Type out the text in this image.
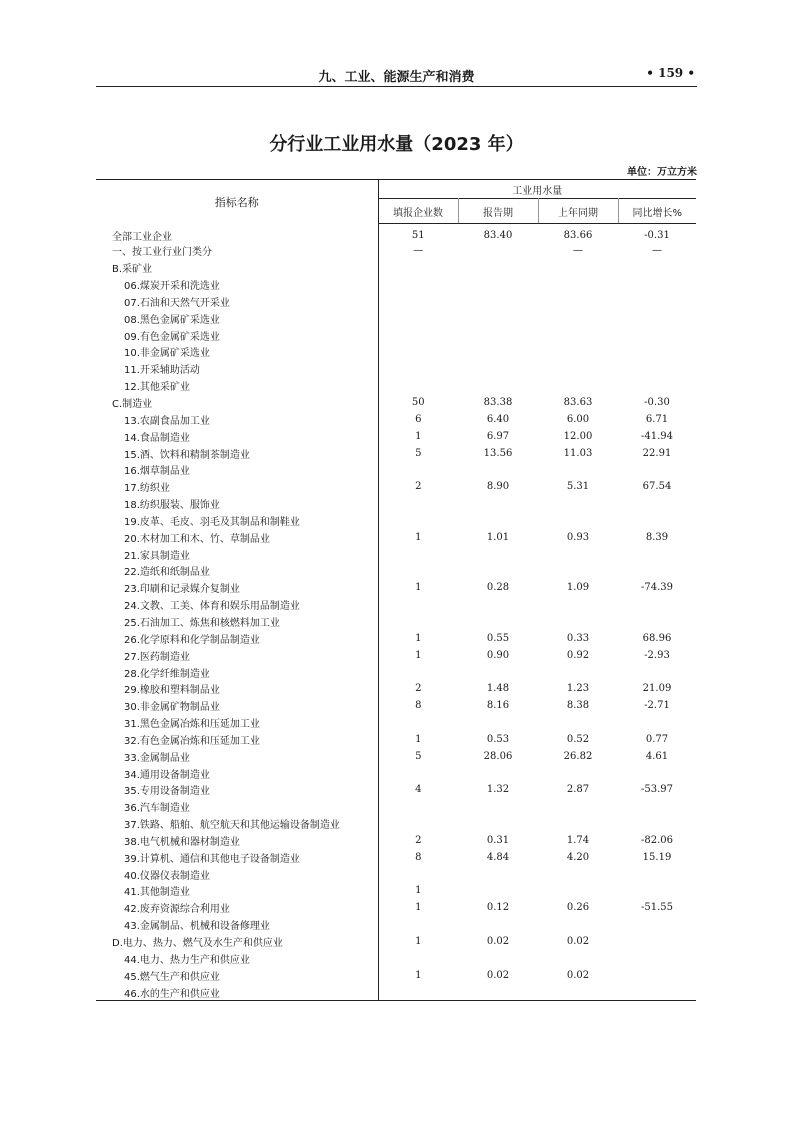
九、工业、能源生产和消费	• 159 •
分行业工业用水量（2023 年）
单位：万立方米
指标名称	工业用水量			
	填报企业数	报告期	上年同期	同比增长%
全部工业企业	51	83.40	83.66	-0.31
一、按工业行业门类分	—		—	—
B.采矿业				
06.煤炭开采和洗选业				
07.石油和天然气开采业				
08.黑色金属矿采选业				
09.有色金属矿采选业				
10.非金属矿采选业				
11.开采辅助活动				
12.其他采矿业				
C.制造业	50	83.38	83.63	-0.30
13.农副食品加工业	6	6.40	6.00	6.71
14.食品制造业	1	6.97	12.00	-41.94
15.酒、饮料和精制茶制造业	5	13.56	11.03	22.91
16.烟草制品业				
17.纺织业	2	8.90	5.31	67.54
18.纺织服装、服饰业				
19.皮革、毛皮、羽毛及其制品和制鞋业				
20.木材加工和木、竹、草制品业	1	1.01	0.93	8.39
21.家具制造业				
22.造纸和纸制品业				
23.印刷和记录媒介复制业	1	0.28	1.09	-74.39
24.文教、工美、体育和娱乐用品制造业				
25.石油加工、炼焦和核燃料加工业				
26.化学原料和化学制品制造业	1	0.55	0.33	68.96
27.医药制造业	1	0.90	0.92	-2.93
28.化学纤维制造业				
29.橡胶和塑料制品业	2	1.48	1.23	21.09
30.非金属矿物制品业	8	8.16	8.38	-2.71
31.黑色金属冶炼和压延加工业				
32.有色金属冶炼和压延加工业	1	0.53	0.52	0.77
33.金属制品业	5	28.06	26.82	4.61
34.通用设备制造业				
35.专用设备制造业	4	1.32	2.87	-53.97
36.汽车制造业				
37.铁路、船舶、航空航天和其他运输设备制造业				
38.电气机械和器材制造业	2	0.31	1.74	-82.06
39.计算机、通信和其他电子设备制造业	8	4.84	4.20	15.19
40.仪器仪表制造业				
41.其他制造业	1			
42.废弃资源综合利用业	1	0.12	0.26	-51.55
43.金属制品、机械和设备修理业				
D.电力、热力、燃气及水生产和供应业	1	0.02	0.02	
44.电力、热力生产和供应业				
45.燃气生产和供应业	1	0.02	0.02	
46.水的生产和供应业				
